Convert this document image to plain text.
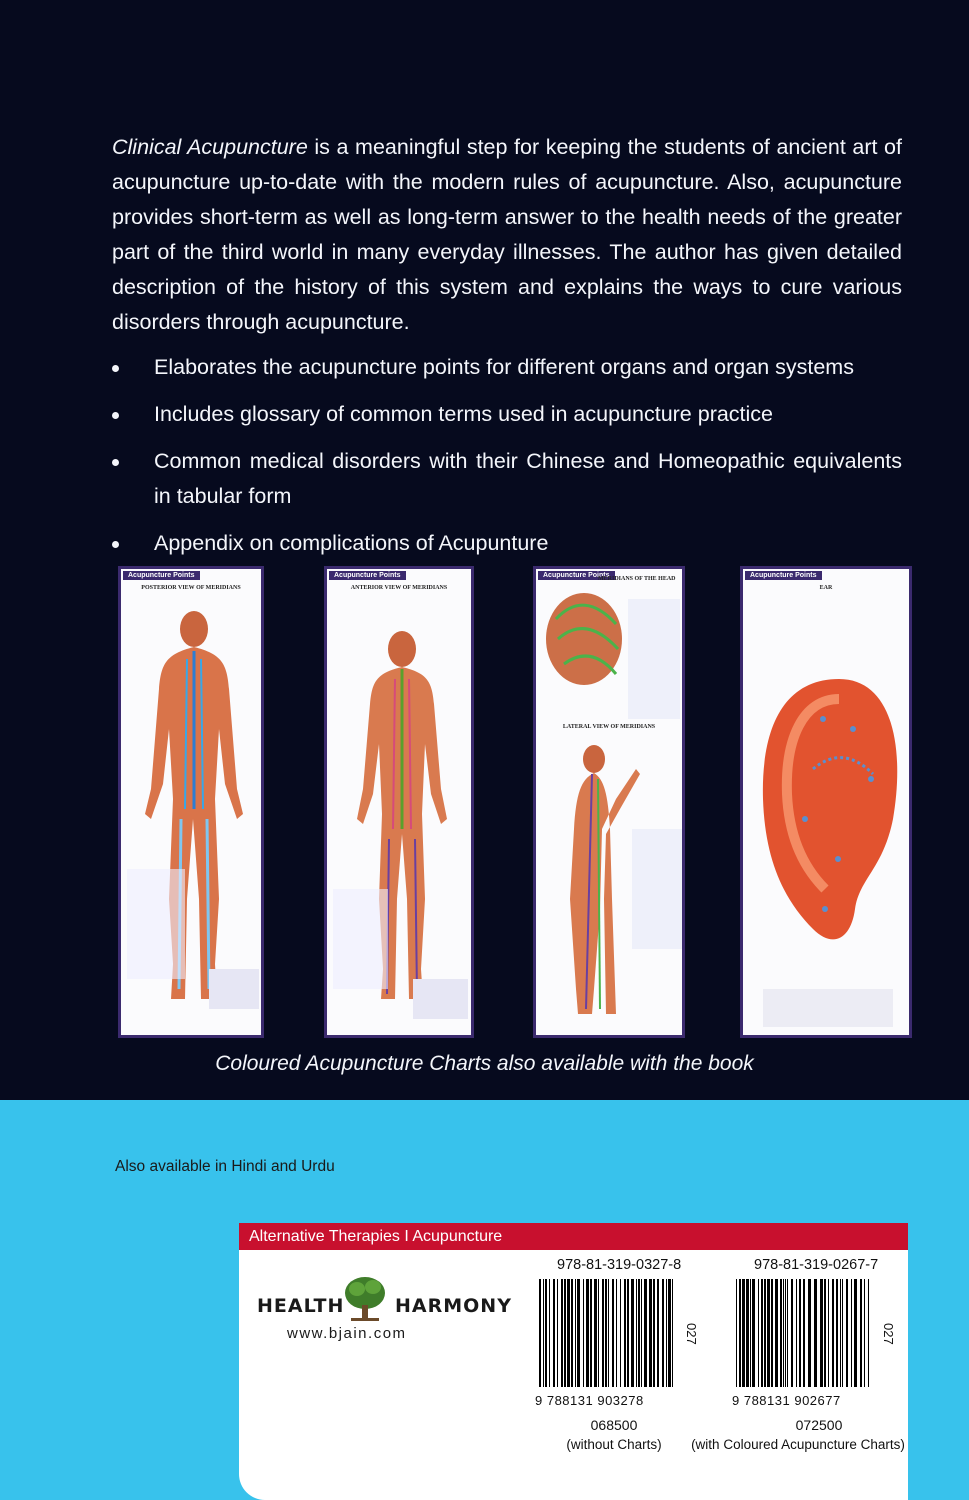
Clinical Acupuncture is a meaningful step for keeping the students of ancient art of acupuncture up-to-date with the modern rules of acupuncture. Also, acupuncture provides short-term as well as long-term answer to the health needs of the greater part of the third world in many everyday illnesses. The author has given detailed description of the history of this system and explains the ways to cure various disorders through acupuncture.

Elaborates the acupuncture points for different organs and organ systems
Includes glossary of common terms used in acupuncture practice
Common medical disorders with their Chinese and Homeopathic equivalents in tabular form
Appendix on complications of Acupunture
Acupuncture Points
POSTERIOR VIEW OF MERIDIANS
Acupuncture Points
ANTERIOR VIEW OF MERIDIANS
Acupuncture Points
MERIDIANS OF THE HEAD
LATERAL VIEW OF MERIDIANS
Acupuncture Points
EAR
Coloured Acupuncture Charts also available with the book
Also available in Hindi and Urdu
Alternative Therapies I Acupuncture
HEALTH	HARMONY
www.bjain.com
978-81-319-0327-8
027
9 788131 903278
068500
(without Charts)
978-81-319-0267-7
027
9 788131 902677
072500
(with Coloured Acupuncture Charts)
